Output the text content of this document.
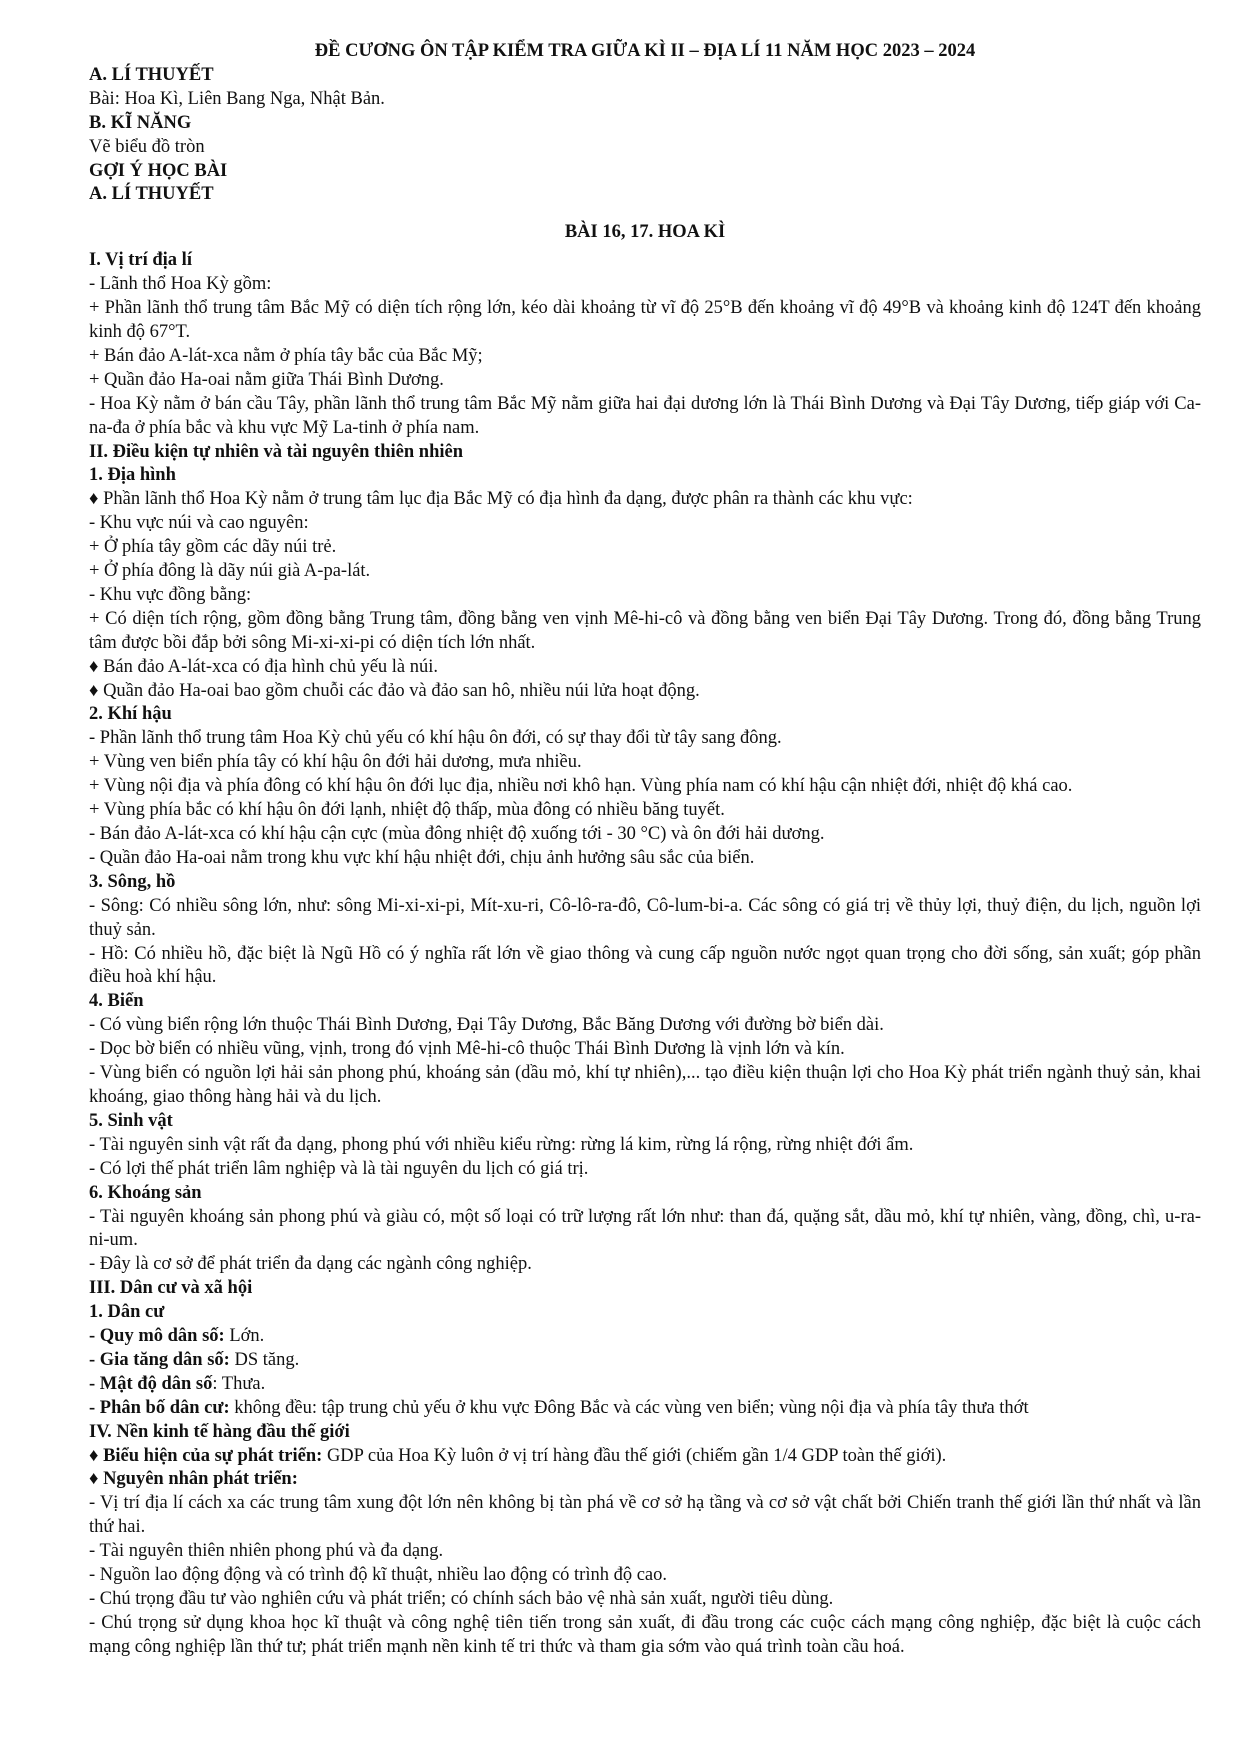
ĐỀ CƯƠNG ÔN TẬP KIỂM TRA GIỮA KÌ II – ĐỊA LÍ 11 NĂM HỌC 2023 – 2024
A. LÍ THUYẾT
Bài: Hoa Kì, Liên Bang Nga, Nhật Bản.
B. KĨ NĂNG
Vẽ biểu đồ tròn
GỢI Ý HỌC BÀI
A. LÍ THUYẾT
BÀI 16, 17. HOA KÌ
I. Vị trí địa lí
- Lãnh thổ Hoa Kỳ gồm:
+ Phần lãnh thổ trung tâm Bắc Mỹ có diện tích rộng lớn, kéo dài khoảng từ vĩ độ 25°B đến khoảng vĩ độ 49°B và khoảng kinh độ 124T đến khoảng kinh độ 67°T.
+ Bán đảo A-lát-xca nằm ở phía tây bắc của Bắc Mỹ;
+ Quần đảo Ha-oai nằm giữa Thái Bình Dương.
- Hoa Kỳ nằm ở bán cầu Tây, phần lãnh thổ trung tâm Bắc Mỹ nằm giữa hai đại dương lớn là Thái Bình Dương và Đại Tây Dương, tiếp giáp với Ca-na-đa ở phía bắc và khu vực Mỹ La-tinh ở phía nam.
II. Điều kiện tự nhiên và tài nguyên thiên nhiên
1. Địa hình
♦ Phần lãnh thổ Hoa Kỳ nằm ở trung tâm lục địa Bắc Mỹ có địa hình đa dạng, được phân ra thành các khu vực:
- Khu vực núi và cao nguyên:
+ Ở phía tây gồm các dãy núi trẻ.
+ Ở phía đông là dãy núi già A-pa-lát.
- Khu vực đồng bằng:
+ Có diện tích rộng, gồm đồng bằng Trung tâm, đồng bằng ven vịnh Mê-hi-cô và đồng bằng ven biển Đại Tây Dương. Trong đó, đồng bằng Trung tâm được bồi đắp bởi sông Mi-xi-xi-pi có diện tích lớn nhất.
♦ Bán đảo A-lát-xca có địa hình chủ yếu là núi.
♦ Quần đảo Ha-oai bao gồm chuỗi các đảo và đảo san hô, nhiều núi lửa hoạt động.
2. Khí hậu
- Phần lãnh thổ trung tâm Hoa Kỳ chủ yếu có khí hậu ôn đới, có sự thay đổi từ tây sang đông.
+ Vùng ven biển phía tây có khí hậu ôn đới hải dương, mưa nhiều.
+ Vùng nội địa và phía đông có khí hậu ôn đới lục địa, nhiều nơi khô hạn. Vùng phía nam có khí hậu cận nhiệt đới, nhiệt độ khá cao.
+ Vùng phía bắc có khí hậu ôn đới lạnh, nhiệt độ thấp, mùa đông có nhiều băng tuyết.
- Bán đảo A-lát-xca có khí hậu cận cực (mùa đông nhiệt độ xuống tới - 30 °C) và ôn đới hải dương.
- Quần đảo Ha-oai nằm trong khu vực khí hậu nhiệt đới, chịu ảnh hưởng sâu sắc của biển.
3. Sông, hồ
- Sông: Có nhiều sông lớn, như: sông Mi-xi-xi-pi, Mít-xu-ri, Cô-lô-ra-đô, Cô-lum-bi-a. Các sông có giá trị về thủy lợi, thuỷ điện, du lịch, nguồn lợi thuỷ sản.
- Hồ: Có nhiều hồ, đặc biệt là Ngũ Hồ có ý nghĩa rất lớn về giao thông và cung cấp nguồn nước ngọt quan trọng cho đời sống, sản xuất; góp phần điều hoà khí hậu.
4. Biển
- Có vùng biển rộng lớn thuộc Thái Bình Dương, Đại Tây Dương, Bắc Băng Dương với đường bờ biển dài.
- Dọc bờ biển có nhiều vũng, vịnh, trong đó vịnh Mê-hi-cô thuộc Thái Bình Dương là vịnh lớn và kín.
- Vùng biển có nguồn lợi hải sản phong phú, khoáng sản (dầu mỏ, khí tự nhiên),... tạo điều kiện thuận lợi cho Hoa Kỳ phát triển ngành thuỷ sản, khai khoáng, giao thông hàng hải và du lịch.
5. Sinh vật
- Tài nguyên sinh vật rất đa dạng, phong phú với nhiều kiểu rừng: rừng lá kim, rừng lá rộng, rừng nhiệt đới ẩm.
- Có lợi thế phát triển lâm nghiệp và là tài nguyên du lịch có giá trị.
6. Khoáng sản
- Tài nguyên khoáng sản phong phú và giàu có, một số loại có trữ lượng rất lớn như: than đá, quặng sắt, dầu mỏ, khí tự nhiên, vàng, đồng, chì, u-ra-ni-um.
- Đây là cơ sở để phát triển đa dạng các ngành công nghiệp.
III. Dân cư và xã hội
1. Dân cư
- Quy mô dân số: Lớn.
- Gia tăng dân số: DS tăng.
- Mật độ dân số: Thưa.
- Phân bố dân cư: không đều: tập trung chủ yếu ở khu vực Đông Bắc và các vùng ven biển; vùng nội địa và phía tây thưa thớt
IV. Nền kinh tế hàng đầu thế giới
♦ Biểu hiện của sự phát triển: GDP của Hoa Kỳ luôn ở vị trí hàng đầu thế giới (chiếm gần 1/4 GDP toàn thế giới).
♦ Nguyên nhân phát triển:
- Vị trí địa lí cách xa các trung tâm xung đột lớn nên không bị tàn phá về cơ sở hạ tầng và cơ sở vật chất bởi Chiến tranh thế giới lần thứ nhất và lần thứ hai.
- Tài nguyên thiên nhiên phong phú và đa dạng.
- Nguồn lao động động và có trình độ kĩ thuật, nhiều lao động có trình độ cao.
- Chú trọng đầu tư vào nghiên cứu và phát triển; có chính sách bảo vệ nhà sản xuất, người tiêu dùng.
- Chú trọng sử dụng khoa học kĩ thuật và công nghệ tiên tiến trong sản xuất, đi đầu trong các cuộc cách mạng công nghiệp, đặc biệt là cuộc cách mạng công nghiệp lần thứ tư; phát triển mạnh nền kinh tế tri thức và tham gia sớm vào quá trình toàn cầu hoá.
